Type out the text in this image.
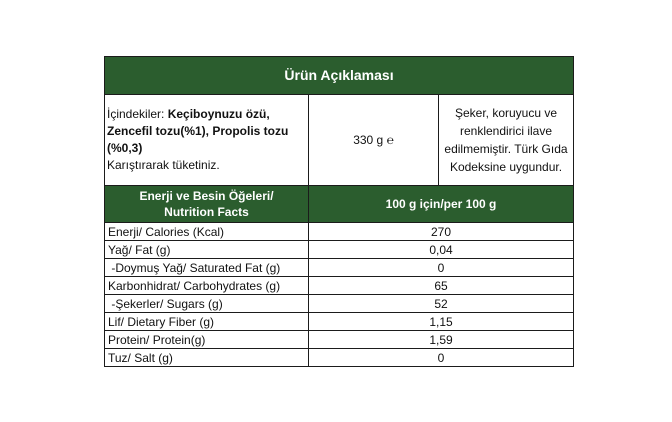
Ürün Açıklaması		
İçindekiler: Keçiboynuzu özü, Zencefil tozu(%1), Propolis tozu (%0,3)
Karıştırarak tüketiniz.	330 g ℮	Şeker, koruyucu ve renklendirici ilave edilmemiştir. Türk Gıda Kodeksine uygundur.
Enerji ve Besin Öğeleri/
Nutrition Facts	100 g için/per 100 g	
Enerji/ Calories (Kcal)	270	
Yağ/ Fat (g)	0,04	
-Doymuş Yağ/ Saturated Fat (g)	0	
Karbonhidrat/ Carbohydrates (g)	65	
-Şekerler/ Sugars (g)	52	
Lif/ Dietary Fiber (g)	1,15	
Protein/ Protein(g)	1,59	
Tuz/ Salt (g)	0	
